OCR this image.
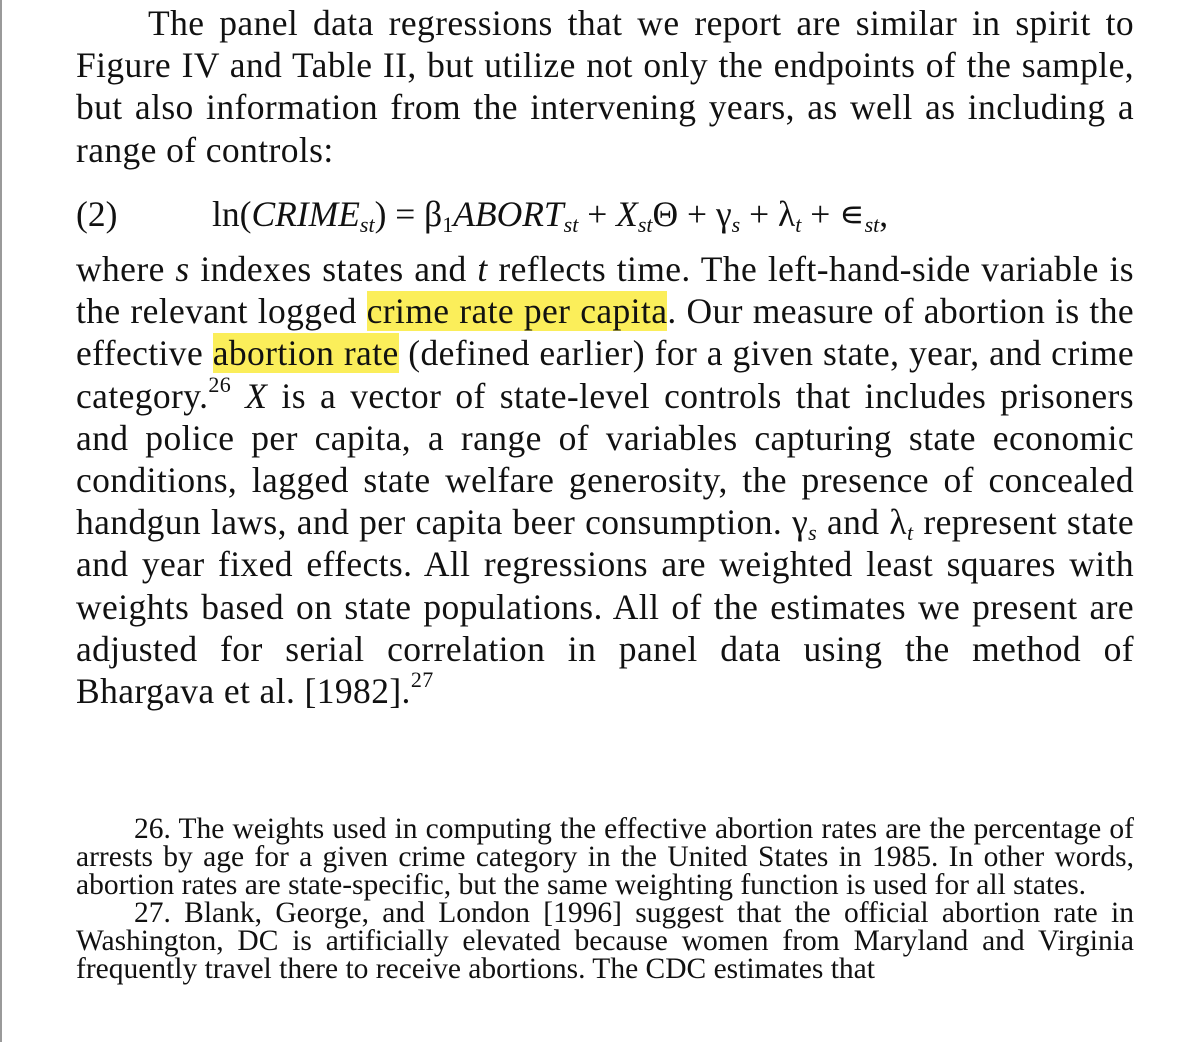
The panel data regressions that we report are similar in spirit to Figure IV and Table II, but utilize not only the endpoints of the sample, but also information from the intervening years, as well as including a range of controls:

(2)	$\ln(CRIME_{st})$ = $\beta_1ABORT_{st} + X_{st}\Theta + \gamma_s + \lambda_t$ + $∊_{st}$,

where s indexes states and t reflects time. The left-hand-side variable is the relevant logged crime rate per capita. Our measure of abortion is the effective abortion rate (defined earlier) for a given state, year, and crime category.$^{26}$ X is a vector of state-level controls that includes prisoners and police per capita, a range of variables capturing state economic conditions, lagged state welfare generosity, the presence of concealed handgun laws, and per capita beer consumption. $\gamma_s$ and $\lambda_t$ represent state and year fixed effects. All regressions are weighted least squares with weights based on state populations. All of the estimates we present are adjusted for serial correlation in panel data using the method of Bhargava et al. [1982].$^{27}$

26. The weights used in computing the effective abortion rates are the percentage of arrests by age for a given crime category in the United States in 1985. In other words, abortion rates are state-specific, but the same weighting function is used for all states.

27. Blank, George, and London [1996] suggest that the official abortion rate in Washington, DC is artificially elevated because women from Maryland and Virginia frequently travel there to receive abortions. The CDC estimates that
